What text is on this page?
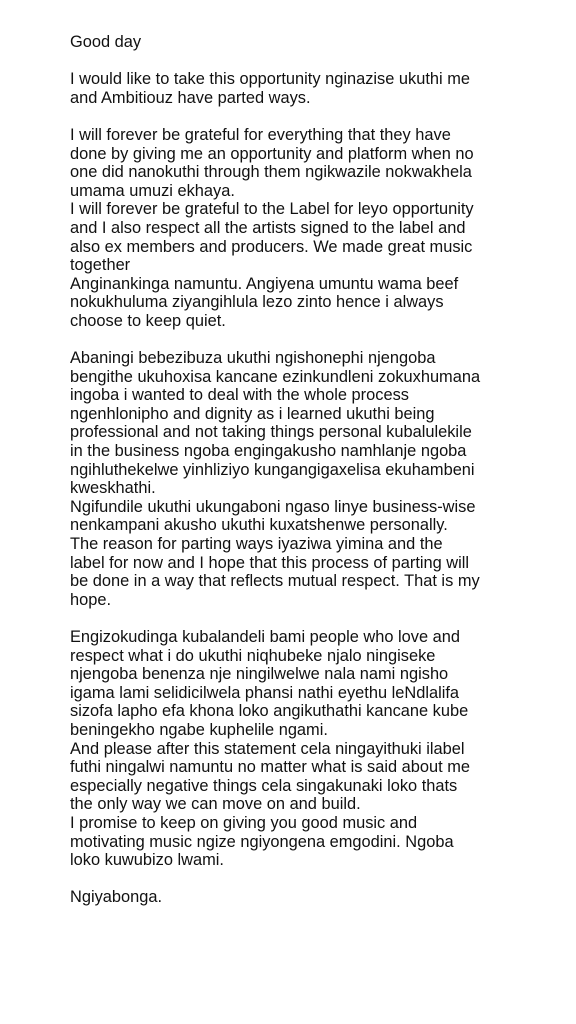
Good day
I would like to take this opportunity nginazise ukuthi me
and Ambitiouz have parted ways.
I will forever be grateful for everything that they have
done by giving me an opportunity and platform when no
one did nanokuthi through them ngikwazile nokwakhela
umama umuzi ekhaya.
I will forever be grateful to the Label for leyo opportunity
and I also respect all the artists signed to the label and
also ex members and producers. We made great music
together
Anginankinga namuntu. Angiyena umuntu wama beef
nokukhuluma ziyangihlula lezo zinto hence i always
choose to keep quiet.
Abaningi bebezibuza ukuthi ngishonephi njengoba
bengithe ukuhoxisa kancane ezinkundleni zokuxhumana
ingoba i wanted to deal with the whole process
ngenhlonipho and dignity as i learned ukuthi being
professional and not taking things personal kubalulekile
in the business ngoba engingakusho namhlanje ngoba
ngihluthekelwe yinhliziyo kungangigaxelisa ekuhambeni
kweskhathi.
Ngifundile ukuthi ukungaboni ngaso linye business-wise
nenkampani akusho ukuthi kuxatshenwe personally.
The reason for parting ways iyaziwa yimina and the
label for now and I hope that this process of parting will
be done in a way that reflects mutual respect. That is my
hope.
Engizokudinga kubalandeli bami people who love and
respect what i do ukuthi niqhubeke njalo ningiseke
njengoba benenza nje ningilwelwe nala nami ngisho
igama lami selidicilwela phansi nathi eyethu leNdlalifa
sizofa lapho efa khona loko angikuthathi kancane kube
beningekho ngabe kuphelile ngami.
And please after this statement cela ningayithuki ilabel
futhi ningalwi namuntu no matter what is said about me
especially negative things cela singakunaki loko thats
the only way we can move on and build.
I promise to keep on giving you good music and
motivating music ngize ngiyongena emgodini. Ngoba
loko kuwubizo lwami.
Ngiyabonga.
